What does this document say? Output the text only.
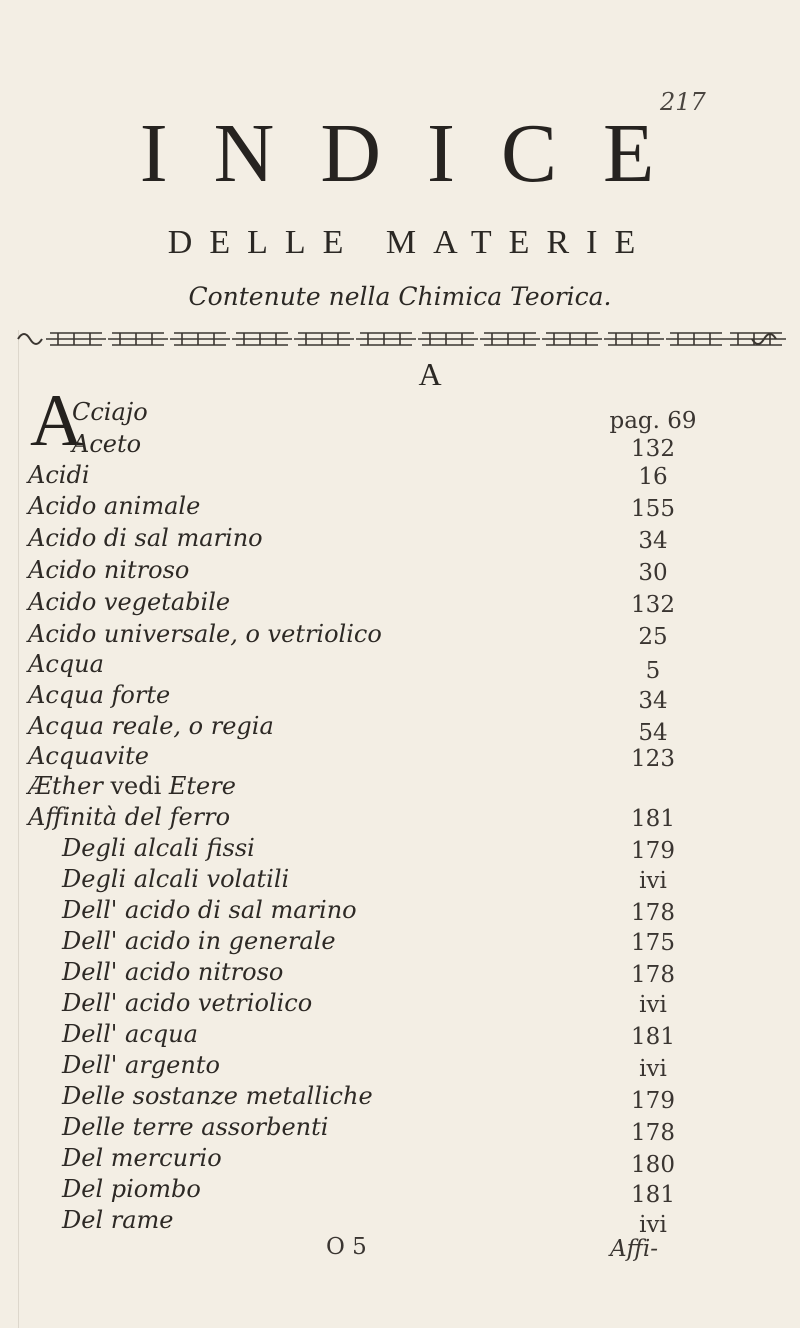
217
INDICE
DELLE MATERIE
Contenute nella Chimica Teorica.
A
A
Cciajo	pag. 69
Aceto	132
Acidi	16
Acido animale	155
Acido di sal marino	34
Acido nitroso	30
Acido vegetabile	132
Acido universale, o vetriolico	25
Acqua	5
Acqua forte	34
Acqua reale, o regia	54
Acquavite	123
Æther vedi Etere
Affinità del ferro	181
Degli alcali fissi	179
Degli alcali volatili	ivi
Dell' acido di sal marino	178
Dell' acido in generale	175
Dell' acido nitroso	178
Dell' acido vetriolico	ivi
Dell' acqua	181
Dell' argento	ivi
Delle sostanze metalliche	179
Delle terre assorbenti	178
Del mercurio	180
Del piombo	181
Del rame	ivi
O 5	Affi-
